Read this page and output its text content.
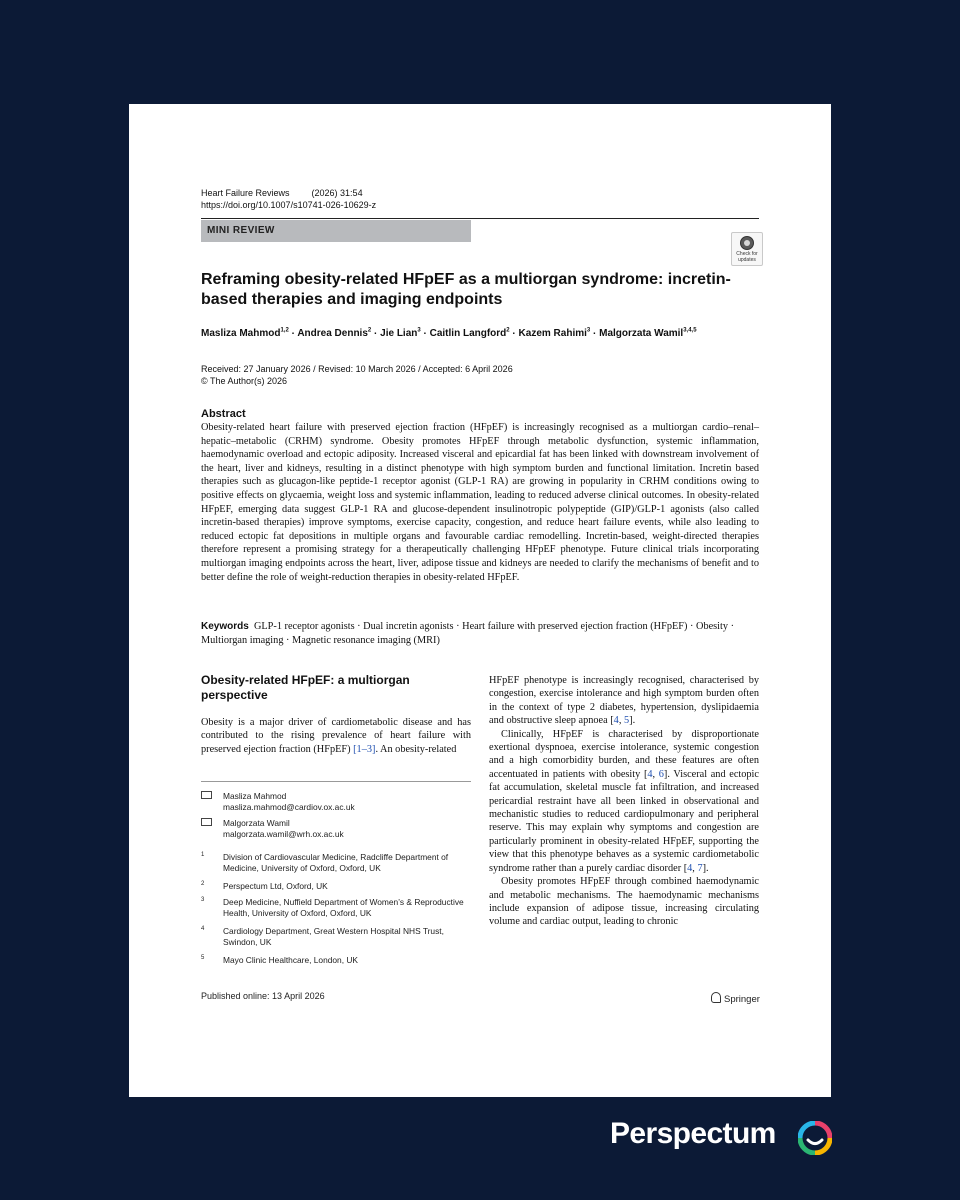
Heart Failure Reviews (2026) 31:54
https://doi.org/10.1007/s10741-026-10629-z
MINI REVIEW
Check for
updates
Reframing obesity-related HFpEF as a multiorgan syndrome: incretin-based therapies and imaging endpoints
Masliza Mahmod$^{1,2}$ · Andrea Dennis$^2$ · Jie Lian$^3$ · Caitlin Langford$^2$ · Kazem Rahimi$^3$ · Malgorzata Wamil$^{3,4,5}$
Received: 27 January 2026 / Revised: 10 March 2026 / Accepted: 6 April 2026
© The Author(s) 2026
Abstract

Obesity-related heart failure with preserved ejection fraction (HFpEF) is increasingly recognised as a multiorgan cardio–renal–hepatic–metabolic (CRHM) syndrome. Obesity promotes HFpEF through metabolic dysfunction, systemic inflammation, haemodynamic overload and ectopic adiposity. Increased visceral and epicardial fat has been linked with downstream involvement of the heart, liver and kidneys, resulting in a distinct phenotype with high symptom burden and functional limitation. Incretin based therapies such as glucagon-like peptide-1 receptor agonist (GLP-1 RA) are growing in popularity in CRHM conditions owing to positive effects on glycaemia, weight loss and systemic inflammation, leading to reduced adverse clinical outcomes. In obesity-related HFpEF, emerging data suggest GLP-1 RA and glucose-dependent insulinotropic polypeptide (GIP)/GLP-1 agonists (also called incretin-based therapies) improve symptoms, exercise capacity, congestion, and reduce heart failure events, while also leading to reduced ectopic fat depositions in multiple organs and favourable cardiac remodelling. Incretin-based, weight-directed therapies therefore represent a promising strategy for a therapeutically challenging HFpEF phenotype. Future clinical trials incorporating multiorgan imaging endpoints across the heart, liver, adipose tissue and kidneys are needed to clarify the mechanisms of benefit and to better define the role of weight-reduction therapies in obesity-related HFpEF.

Keywords GLP-1 receptor agonists · Dual incretin agonists · Heart failure with preserved ejection fraction (HFpEF) · Obesity · Multiorgan imaging · Magnetic resonance imaging (MRI)

Obesity-related HFpEF: a multiorgan perspective

Obesity is a major driver of cardiometabolic disease and has contributed to the rising prevalence of heart failure with preserved ejection fraction (HFpEF) [1–3]. An obesity-related

Masliza Mahmod
masliza.mahmod@cardiov.ox.ac.uk
Malgorzata Wamil
malgorzata.wamil@wrh.ox.ac.uk
1 Division of Cardiovascular Medicine, Radcliffe Department of Medicine, University of Oxford, Oxford, UK
2 Perspectum Ltd, Oxford, UK
3 Deep Medicine, Nuffield Department of Women’s & Reproductive Health, University of Oxford, Oxford, UK
4 Cardiology Department, Great Western Hospital NHS Trust, Swindon, UK
5 Mayo Clinic Healthcare, London, UK

HFpEF phenotype is increasingly recognised, characterised by congestion, exercise intolerance and high symptom burden often in the context of type 2 diabetes, hypertension, dyslipidaemia and obstructive sleep apnoea [4, 5].

Clinically, HFpEF is characterised by disproportionate exertional dyspnoea, exercise intolerance, systemic congestion and a high comorbidity burden, and these features are often accentuated in patients with obesity [4, 6]. Visceral and ectopic fat accumulation, skeletal muscle fat infiltration, and increased pericardial restraint have all been linked in observational and mechanistic studies to reduced cardiopulmonary and peripheral reserve. This may explain why symptoms and congestion are particularly prominent in obesity-related HFpEF, supporting the view that this phenotype behaves as a systemic cardiometabolic syndrome rather than a purely cardiac disorder [4, 7].

Obesity promotes HFpEF through combined haemodynamic and metabolic mechanisms. The haemodynamic mechanisms include expansion of adipose tissue, increasing circulating volume and cardiac output, leading to chronic

Published online: 13 April 2026	Springer
Perspectum
